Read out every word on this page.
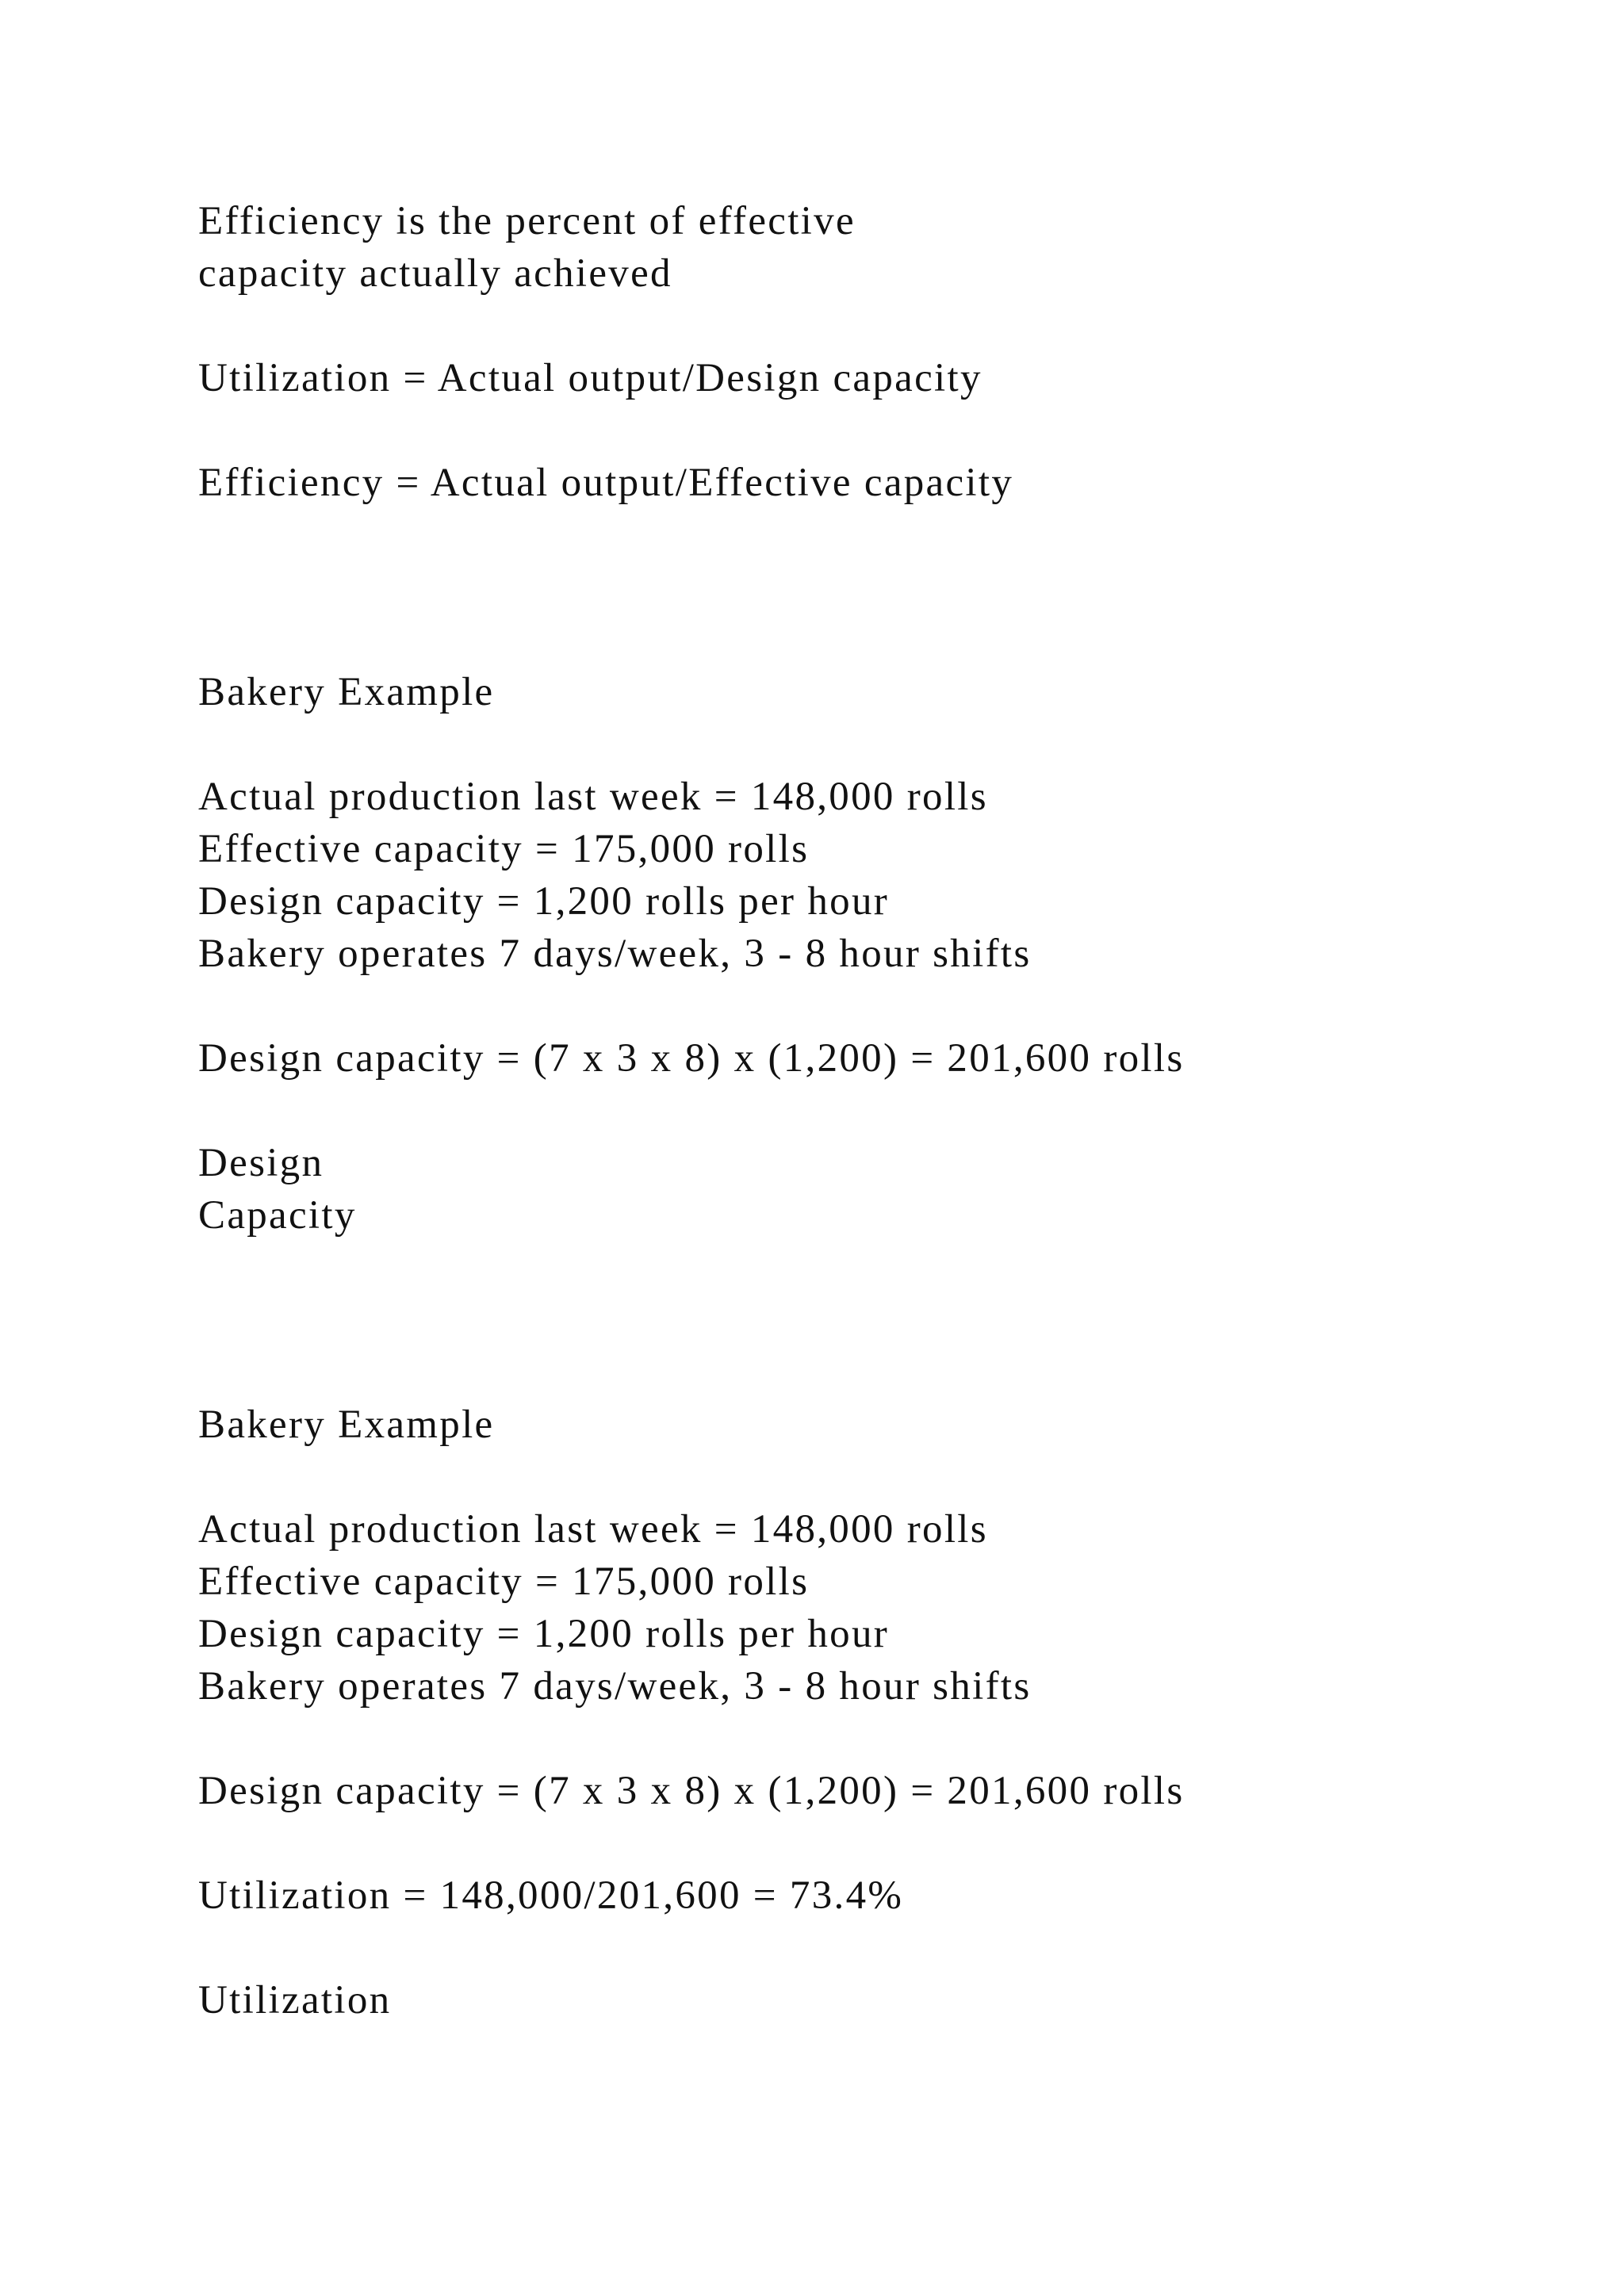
Efficiency is the percent of effective

capacity actually achieved

Utilization = Actual output/Design capacity

Efficiency = Actual output/Effective capacity

Bakery Example

Actual production last week = 148,000 rolls

Effective capacity = 175,000 rolls

Design capacity = 1,200 rolls per hour

Bakery operates 7 days/week, 3 - 8 hour shifts

Design capacity = (7 x 3 x 8) x (1,200) = 201,600 rolls

Design

Capacity

Bakery Example

Actual production last week = 148,000 rolls

Effective capacity = 175,000 rolls

Design capacity = 1,200 rolls per hour

Bakery operates 7 days/week, 3 - 8 hour shifts

Design capacity = (7 x 3 x 8) x (1,200) = 201,600 rolls

Utilization = 148,000/201,600 = 73.4%

Utilization
